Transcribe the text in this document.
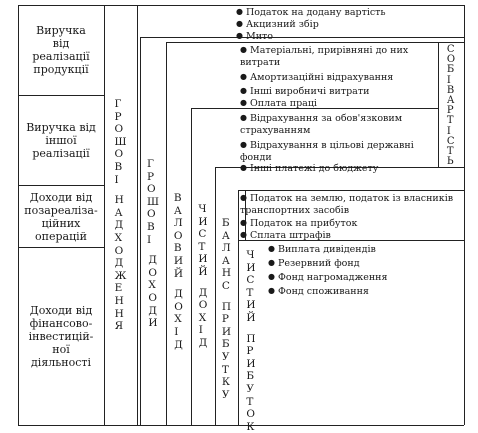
Виручка
від
реалізації
продукції
Виручка від іншої
реалізації
Доходи від
позареаліза-
ційних
операцій
Доходи від
фінансово-
інвестицій-
ної
діяльності
Г
Р
О
Ш
О
В
І
Н
А
Д
Х
О
Д
Ж
Е
Н
Н
Я
Г
Р
О
Ш
О
В
І
Д
О
Х
О
Д
И
В
А
Л
О
В
И
Й
Д
О
Х
І
Д
Ч
И
С
Т
И
Й
Д
О
Х
І
Д
Б
А
Л
А
Н
С
П
Р
И
Б
У
Т
К
У
Ч
И
С
Т
И
Й
П
Р
И
Б
У
Т
О
К
С
О
Б
І
В
А
Р
Т
І
С
Т
Ь
● Податок на додану вартість
● Акцизний збір
● Мито
● Матеріальні, прирівняні до них витрати
● Амортизаційні відрахування
● Інші виробничі витрати
● Оплата праці
● Відрахування за обов'язковим страхуванням
● Відрахування в цільові державні фонди
● Інші платежі до бюджету
● Податок на землю, податок із власників транспортних засобів
● Податок на прибуток
● Сплата штрафів
● Виплата дивідендів
● Резервний фонд
● Фонд нагромадження
● Фонд споживання
